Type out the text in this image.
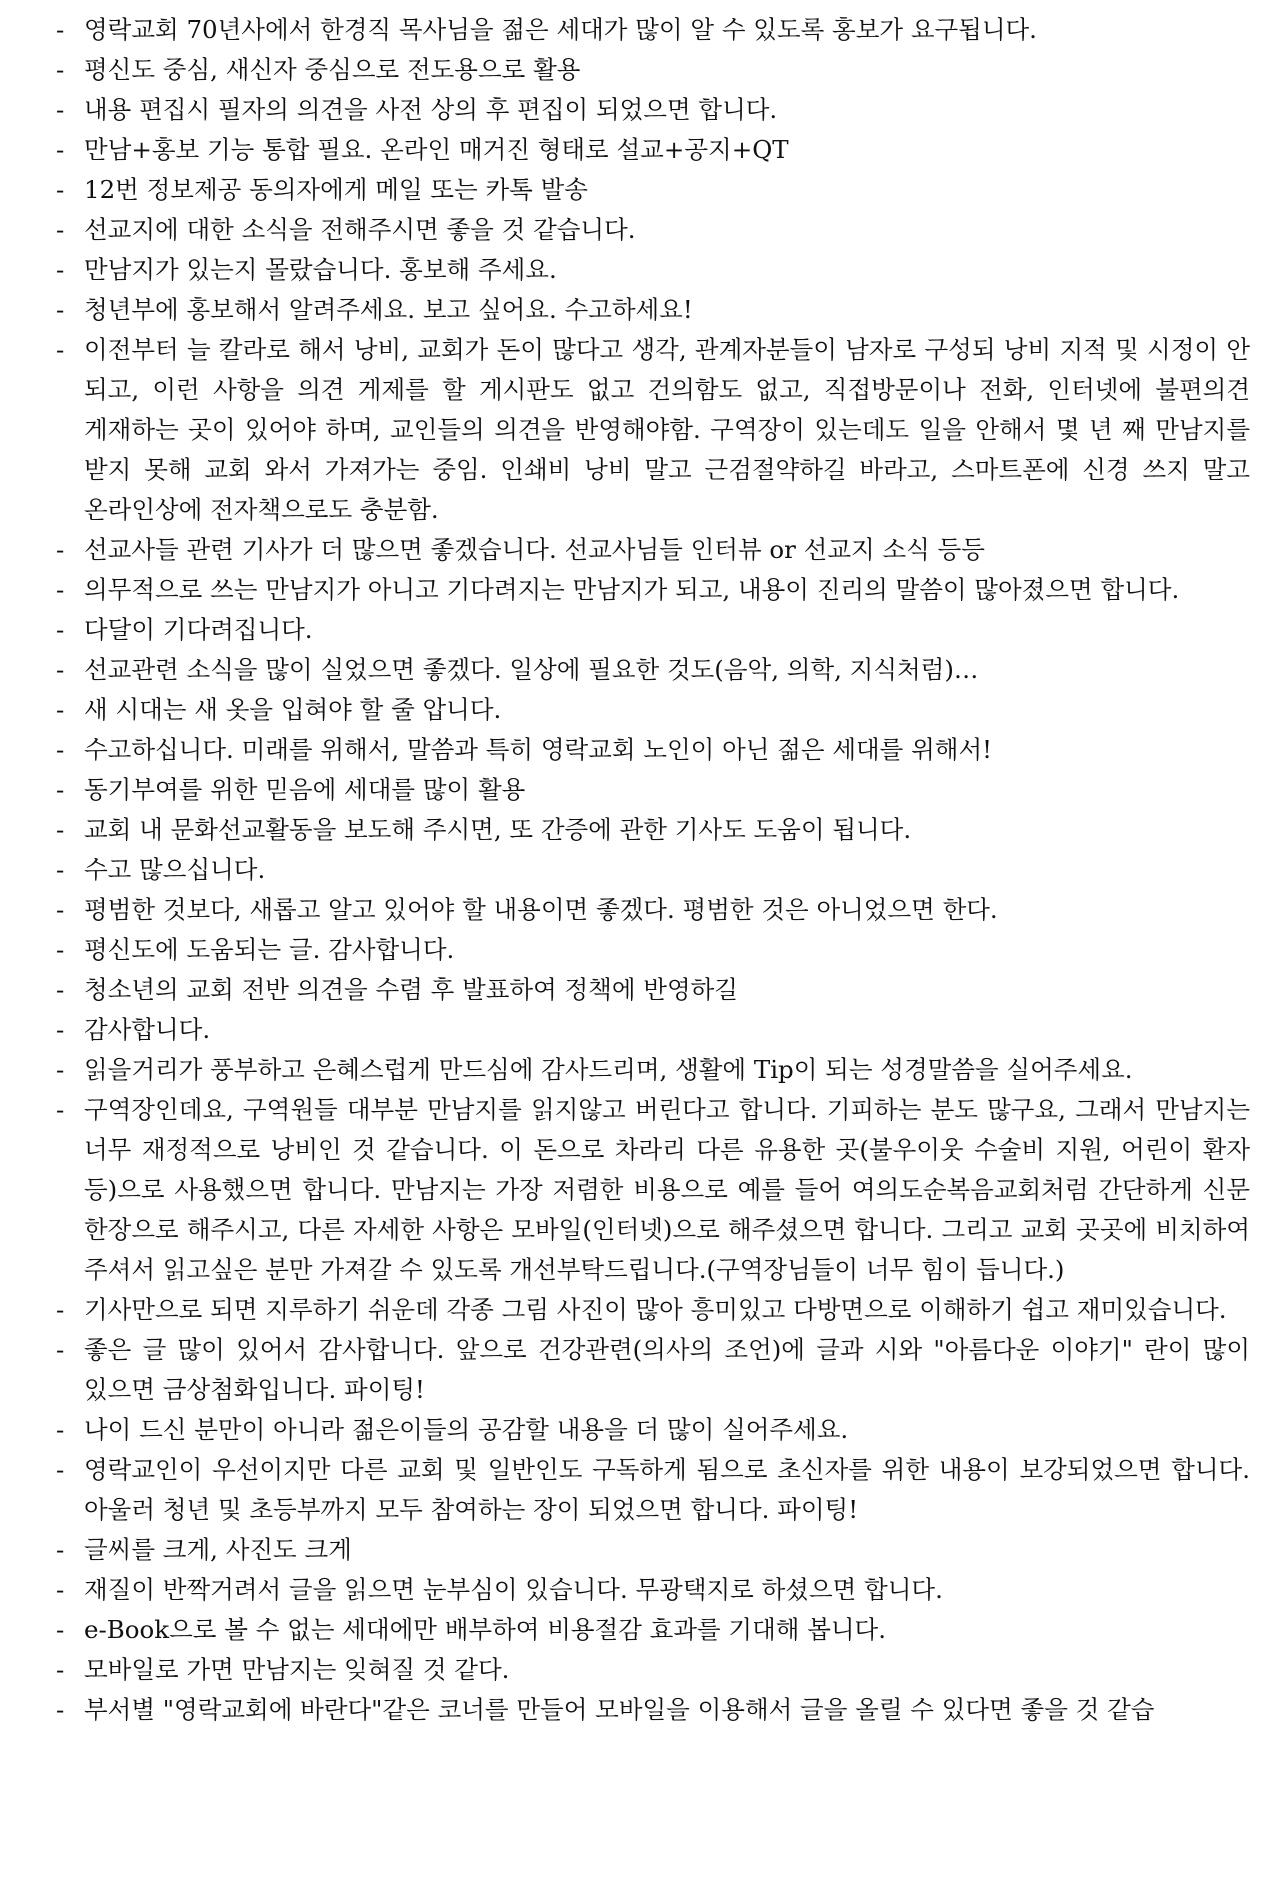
- 영락교회 70년사에서 한경직 목사님을 젊은 세대가 많이 알 수 있도록 홍보가 요구됩니다.
- 평신도 중심, 새신자 중심으로 전도용으로 활용
- 내용 편집시 필자의 의견을 사전 상의 후 편집이 되었으면 합니다.
- 만남+홍보 기능 통합 필요. 온라인 매거진 형태로 설교+공지+QT
- 12번 정보제공 동의자에게 메일 또는 카톡 발송
- 선교지에 대한 소식을 전해주시면 좋을 것 같습니다.
- 만남지가 있는지 몰랐습니다. 홍보해 주세요.
- 청년부에 홍보해서 알려주세요. 보고 싶어요. 수고하세요!
- 이전부터 늘 칼라로 해서 낭비, 교회가 돈이 많다고 생각, 관계자분들이 남자로 구성되 낭비 지적 및 시정이 안 되고, 이런 사항을 의견 게제를 할 게시판도 없고 건의함도 없고, 직접방문이나 전화, 인터넷에 불편의견 게재하는 곳이 있어야 하며, 교인들의 의견을 반영해야함. 구역장이 있는데도 일을 안해서 몇 년 째 만남지를 받지 못해 교회 와서 가져가는 중임. 인쇄비 낭비 말고 근검절약하길 바라고, 스마트폰에 신경 쓰지 말고 온라인상에 전자책으로도 충분함.
- 선교사들 관련 기사가 더 많으면 좋겠습니다. 선교사님들 인터뷰 or 선교지 소식 등등
- 의무적으로 쓰는 만남지가 아니고 기다려지는 만남지가 되고, 내용이 진리의 말씀이 많아졌으면 합니다.
- 다달이 기다려집니다.
- 선교관련 소식을 많이 실었으면 좋겠다. 일상에 필요한 것도(음악, 의학, 지식처럼)…
- 새 시대는 새 옷을 입혀야 할 줄 압니다.
- 수고하십니다. 미래를 위해서, 말씀과 특히 영락교회 노인이 아닌 젊은 세대를 위해서!
- 동기부여를 위한 믿음에 세대를 많이 활용
- 교회 내 문화선교활동을 보도해 주시면, 또 간증에 관한 기사도 도움이 됩니다.
- 수고 많으십니다.
- 평범한 것보다, 새롭고 알고 있어야 할 내용이면 좋겠다. 평범한 것은 아니었으면 한다.
- 평신도에 도움되는 글. 감사합니다.
- 청소년의 교회 전반 의견을 수렴 후 발표하여 정책에 반영하길
- 감사합니다.
- 읽을거리가 풍부하고 은혜스럽게 만드심에 감사드리며, 생활에 Tip이 되는 성경말씀을 실어주세요.
- 구역장인데요, 구역원들 대부분 만남지를 읽지않고 버린다고 합니다. 기피하는 분도 많구요, 그래서 만남지는 너무 재정적으로 낭비인 것 같습니다. 이 돈으로 차라리 다른 유용한 곳(불우이웃 수술비 지원, 어린이 환자 등)으로 사용했으면 합니다. 만남지는 가장 저렴한 비용으로 예를 들어 여의도순복음교회처럼 간단하게 신문 한장으로 해주시고, 다른 자세한 사항은 모바일(인터넷)으로 해주셨으면 합니다. 그리고 교회 곳곳에 비치하여 주셔서 읽고싶은 분만 가져갈 수 있도록 개선부탁드립니다.(구역장님들이 너무 힘이 듭니다.)
- 기사만으로 되면 지루하기 쉬운데 각종 그림 사진이 많아 흥미있고 다방면으로 이해하기 쉽고 재미있습니다.
- 좋은 글 많이 있어서 감사합니다. 앞으로 건강관련(의사의 조언)에 글과 시와 "아름다운 이야기" 란이 많이 있으면 금상첨화입니다. 파이팅!
- 나이 드신 분만이 아니라 젊은이들의 공감할 내용을 더 많이 실어주세요.
- 영락교인이 우선이지만 다른 교회 및 일반인도 구독하게 됨으로 초신자를 위한 내용이 보강되었으면 합니다. 아울러 청년 및 초등부까지 모두 참여하는 장이 되었으면 합니다. 파이팅!
- 글씨를 크게, 사진도 크게
- 재질이 반짝거려서 글을 읽으면 눈부심이 있습니다. 무광택지로 하셨으면 합니다.
- e-Book으로 볼 수 없는 세대에만 배부하여 비용절감 효과를 기대해 봅니다.
- 모바일로 가면 만남지는 잊혀질 것 같다.
- 부서별 "영락교회에 바란다"같은 코너를 만들어 모바일을 이용해서 글을 올릴 수 있다면 좋을 것 같습
